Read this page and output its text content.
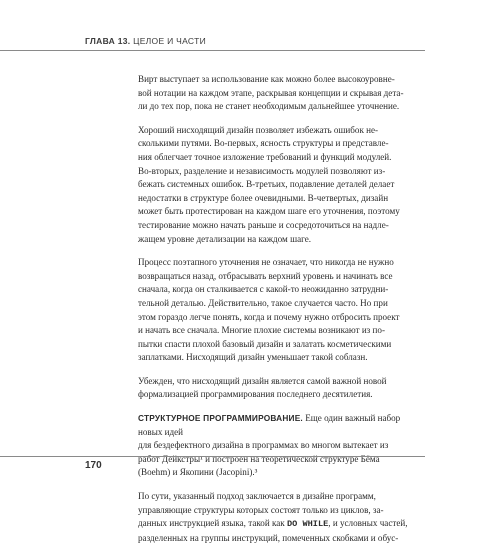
ГЛАВА 13. ЦЕЛОЕ И ЧАСТИ

Вирт выступает за использование как можно более высокоуровне-
вой нотации на каждом этапе, раскрывая концепции и скрывая дета-
ли до тех пор, пока не станет необходимым дальнейшее уточнение.

Хороший нисходящий дизайн позволяет избежать ошибок не-
сколькими путями. Во-первых, ясность структуры и представле-
ния облегчает точное изложение требований и функций модулей.
Во-вторых, разделение и независимость модулей позволяют из-
бежать системных ошибок. В-третьих, подавление деталей делает
недостатки в структуре более очевидными. В-четвертых, дизайн
может быть протестирован на каждом шаге его уточнения, поэтому
тестирование можно начать раньше и сосредоточиться на надле-
жащем уровне детализации на каждом шаге.

Процесс поэтапного уточнения не означает, что никогда не нужно
возвращаться назад, отбрасывать верхний уровень и начинать все
сначала, когда он сталкивается с какой-то неожиданно затрудни-
тельной деталью. Действительно, такое случается часто. Но при
этом гораздо легче понять, когда и почему нужно отбросить проект
и начать все сначала. Многие плохие системы возникают из по-
пытки спасти плохой базовый дизайн и залатать косметическими
заплатками. Нисходящий дизайн уменьшает такой соблазн.

Убежден, что нисходящий дизайн является самой важной новой
формализацией программирования последнего десятилетия.

СТРУКТУРНОЕ ПРОГРАММИРОВАНИЕ. Еще один важный набор новых идей
для бездефектного дизайна в программах во многом вытекает из
работ Дейкстры¹ и построен на теоретической структуре Бёма
(Boehm) и Якопини (Jacopini).³

По сути, указанный подход заключается в дизайне программ,
управляющие структуры которых состоят только из циклов, за-
данных инструкцией языка, такой как DO WHILE, и условных частей,
разделенных на группы инструкций, помеченных скобками и обус-

170
